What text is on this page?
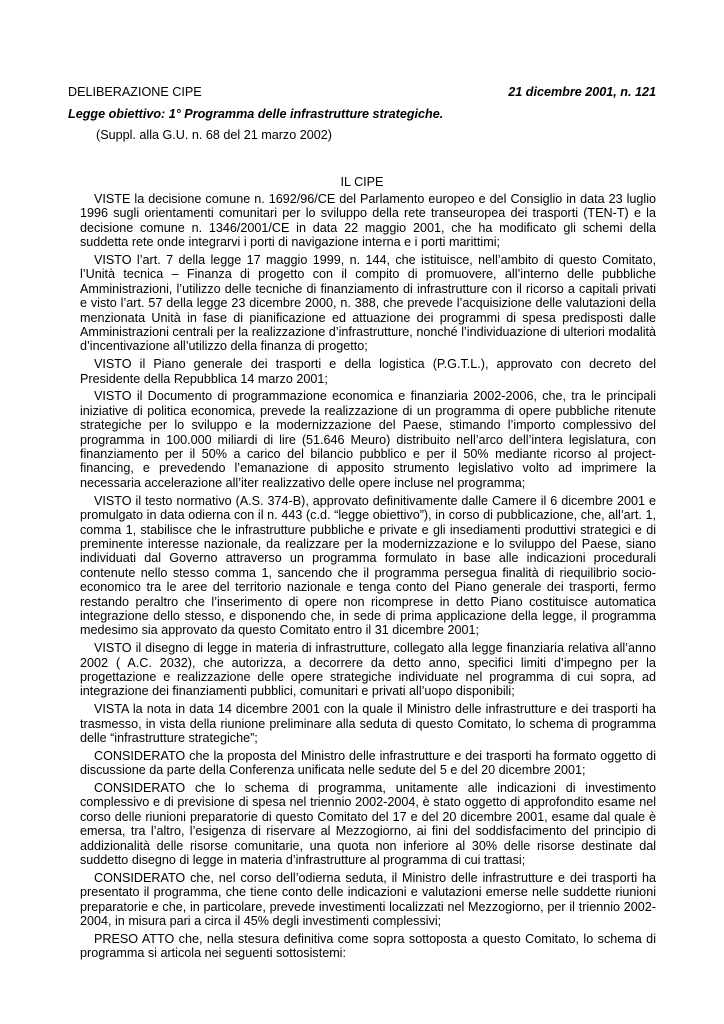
DELIBERAZIONE CIPE	21 dicembre 2001, n. 121
Legge obiettivo: 1° Programma delle infrastrutture strategiche.
(Suppl. alla G.U. n. 68 del 21 marzo 2002)
IL CIPE

VISTE la decisione comune n. 1692/96/CE del Parlamento europeo e del Consiglio in data 23 luglio 1996 sugli orientamenti comunitari per lo sviluppo della rete transeuropea dei trasporti (TEN-T) e la decisione comune n. 1346/2001/CE in data 22 maggio 2001, che ha modificato gli schemi della suddetta rete onde integrarvi i porti di navigazione interna e i porti marittimi;

VISTO l’art. 7 della legge 17 maggio 1999, n. 144, che istituisce, nell’ambito di questo Comitato, l’Unità tecnica – Finanza di progetto con il compito di promuovere, all’interno delle pubbliche Amministrazioni, l’utilizzo delle tecniche di finanziamento di infrastrutture con il ricorso a capitali privati e visto l’art. 57 della legge 23 dicembre 2000, n. 388, che prevede l’acquisizione delle valutazioni della menzionata Unità in fase di pianificazione ed attuazione dei programmi di spesa predisposti dalle Amministrazioni centrali per la realizzazione d’infrastrutture, nonché l’individuazione di ulteriori modalità d’incentivazione all’utilizzo della finanza di progetto;

VISTO il Piano generale dei trasporti e della logistica (P.G.T.L.), approvato con decreto del Presidente della Repubblica 14 marzo 2001;

VISTO il Documento di programmazione economica e finanziaria 2002-2006, che, tra le principali iniziative di politica economica, prevede la realizzazione di un programma di opere pubbliche ritenute strategiche per lo sviluppo e la modernizzazione del Paese, stimando l’importo complessivo del programma in 100.000 miliardi di lire (51.646 Meuro) distribuito nell’arco dell’intera legislatura, con finanziamento per il 50% a carico del bilancio pubblico e per il 50% mediante ricorso al project-financing, e prevedendo l’emanazione di apposito strumento legislativo volto ad imprimere la necessaria accelerazione all’iter realizzativo delle opere incluse nel programma;

VISTO il testo normativo (A.S. 374-B), approvato definitivamente dalle Camere il 6 dicembre 2001 e promulgato in data odierna con il n. 443 (c.d. “legge obiettivo”), in corso di pubblicazione, che, all’art. 1, comma 1, stabilisce che le infrastrutture pubbliche e private e gli insediamenti produttivi strategici e di preminente interesse nazionale, da realizzare per la modernizzazione e lo sviluppo del Paese, siano individuati dal Governo attraverso un programma formulato in base alle indicazioni procedurali contenute nello stesso comma 1, sancendo che il programma persegua finalità di riequilibrio socio-economico tra le aree del territorio nazionale e tenga conto del Piano generale dei trasporti, fermo restando peraltro che l’inserimento di opere non ricomprese in detto Piano costituisce automatica integrazione dello stesso, e disponendo che, in sede di prima applicazione della legge, il programma medesimo sia approvato da questo Comitato entro il 31 dicembre 2001;

VISTO il disegno di legge in materia di infrastrutture, collegato alla legge finanziaria relativa all’anno 2002 ( A.C. 2032), che autorizza, a decorrere da detto anno, specifici limiti d’impegno per la progettazione e realizzazione delle opere strategiche individuate nel programma di cui sopra, ad integrazione dei finanziamenti pubblici, comunitari e privati all’uopo disponibili;

VISTA la nota in data 14 dicembre 2001 con la quale il Ministro delle infrastrutture e dei trasporti ha trasmesso, in vista della riunione preliminare alla seduta di questo Comitato, lo schema di programma delle “infrastrutture strategiche”;

CONSIDERATO che la proposta del Ministro delle infrastrutture e dei trasporti ha formato oggetto di discussione da parte della Conferenza unificata nelle sedute del 5 e del 20 dicembre 2001;

CONSIDERATO che lo schema di programma, unitamente alle indicazioni di investimento complessivo e di previsione di spesa nel triennio 2002-2004, è stato oggetto di approfondito esame nel corso delle riunioni preparatorie di questo Comitato del 17 e del 20 dicembre 2001, esame dal quale è emersa, tra l’altro, l’esigenza di riservare al Mezzogiorno, ai fini del soddisfacimento del principio di addizionalità delle risorse comunitarie, una quota non inferiore al 30% delle risorse destinate dal suddetto disegno di legge in materia d’infrastrutture al programma di cui trattasi;

CONSIDERATO che, nel corso dell’odierna seduta, il Ministro delle infrastrutture e dei trasporti ha presentato il programma, che tiene conto delle indicazioni e valutazioni emerse nelle suddette riunioni preparatorie e che, in particolare, prevede investimenti localizzati nel Mezzogiorno, per il triennio 2002-2004, in misura pari a circa il 45% degli investimenti complessivi;

PRESO ATTO che, nella stesura definitiva come sopra sottoposta a questo Comitato, lo schema di programma si articola nei seguenti sottosistemi:
